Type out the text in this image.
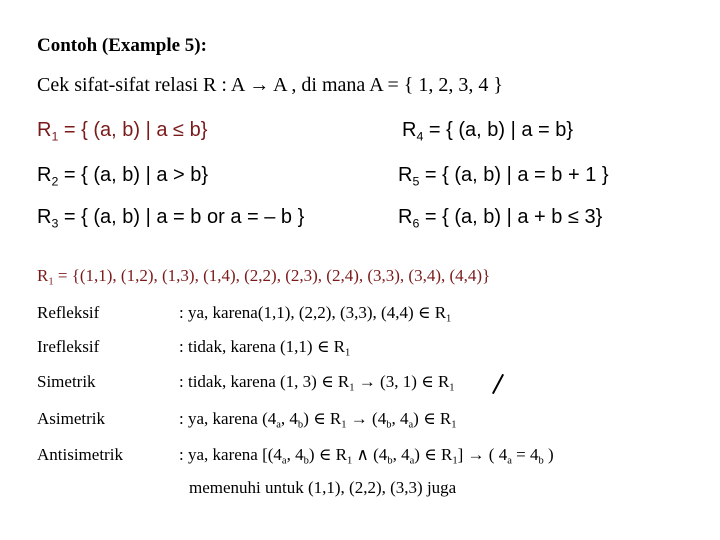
Contoh (Example 5):
Cek sifat-sifat relasi R : A → A , di mana A = { 1, 2, 3, 4 }
$R_1$ = { (a, b) | a ≤ b}
$R_2$ = { (a, b) | a > b}
$R_3$ = { (a, b) | a = b or a = – b }
$R_4$ = { (a, b) | a = b}
$R_5$ = { (a, b) | a = b + 1 }
$R_6$ = { (a, b) | a + b ≤ 3}
$R_1 = \{(1,1)$, (1,2), (1,3), (1,4), (2,2), (2,3), (2,4), (3,3), (3,4), (4,4)}
Refleksif	: ya, karena(1,1), (2,2), (3,3), (4,4) ∈ $R_1$
Irefleksif	: tidak, karena (1,1) ∈ $R_1$
Simetrik	: tidak, karena (1, 3) ∈ $R_1 \to (3$, 1) ∈ $R_1$
Asimetrik	: ya, karena ($4_a$, $4_b$) ∈ $R_1 \to (4_b$, $4_a$) ∈ $R_1$
Antisimetrik	: ya, karena [($4_a$, $4_b$) ∈ $R_1$ ∧ ($4_b$, $4_a$) ∈ $R_1$] → ( $4_a = 4_b$ )
memenuhi untuk (1,1), (2,2), (3,3) juga
